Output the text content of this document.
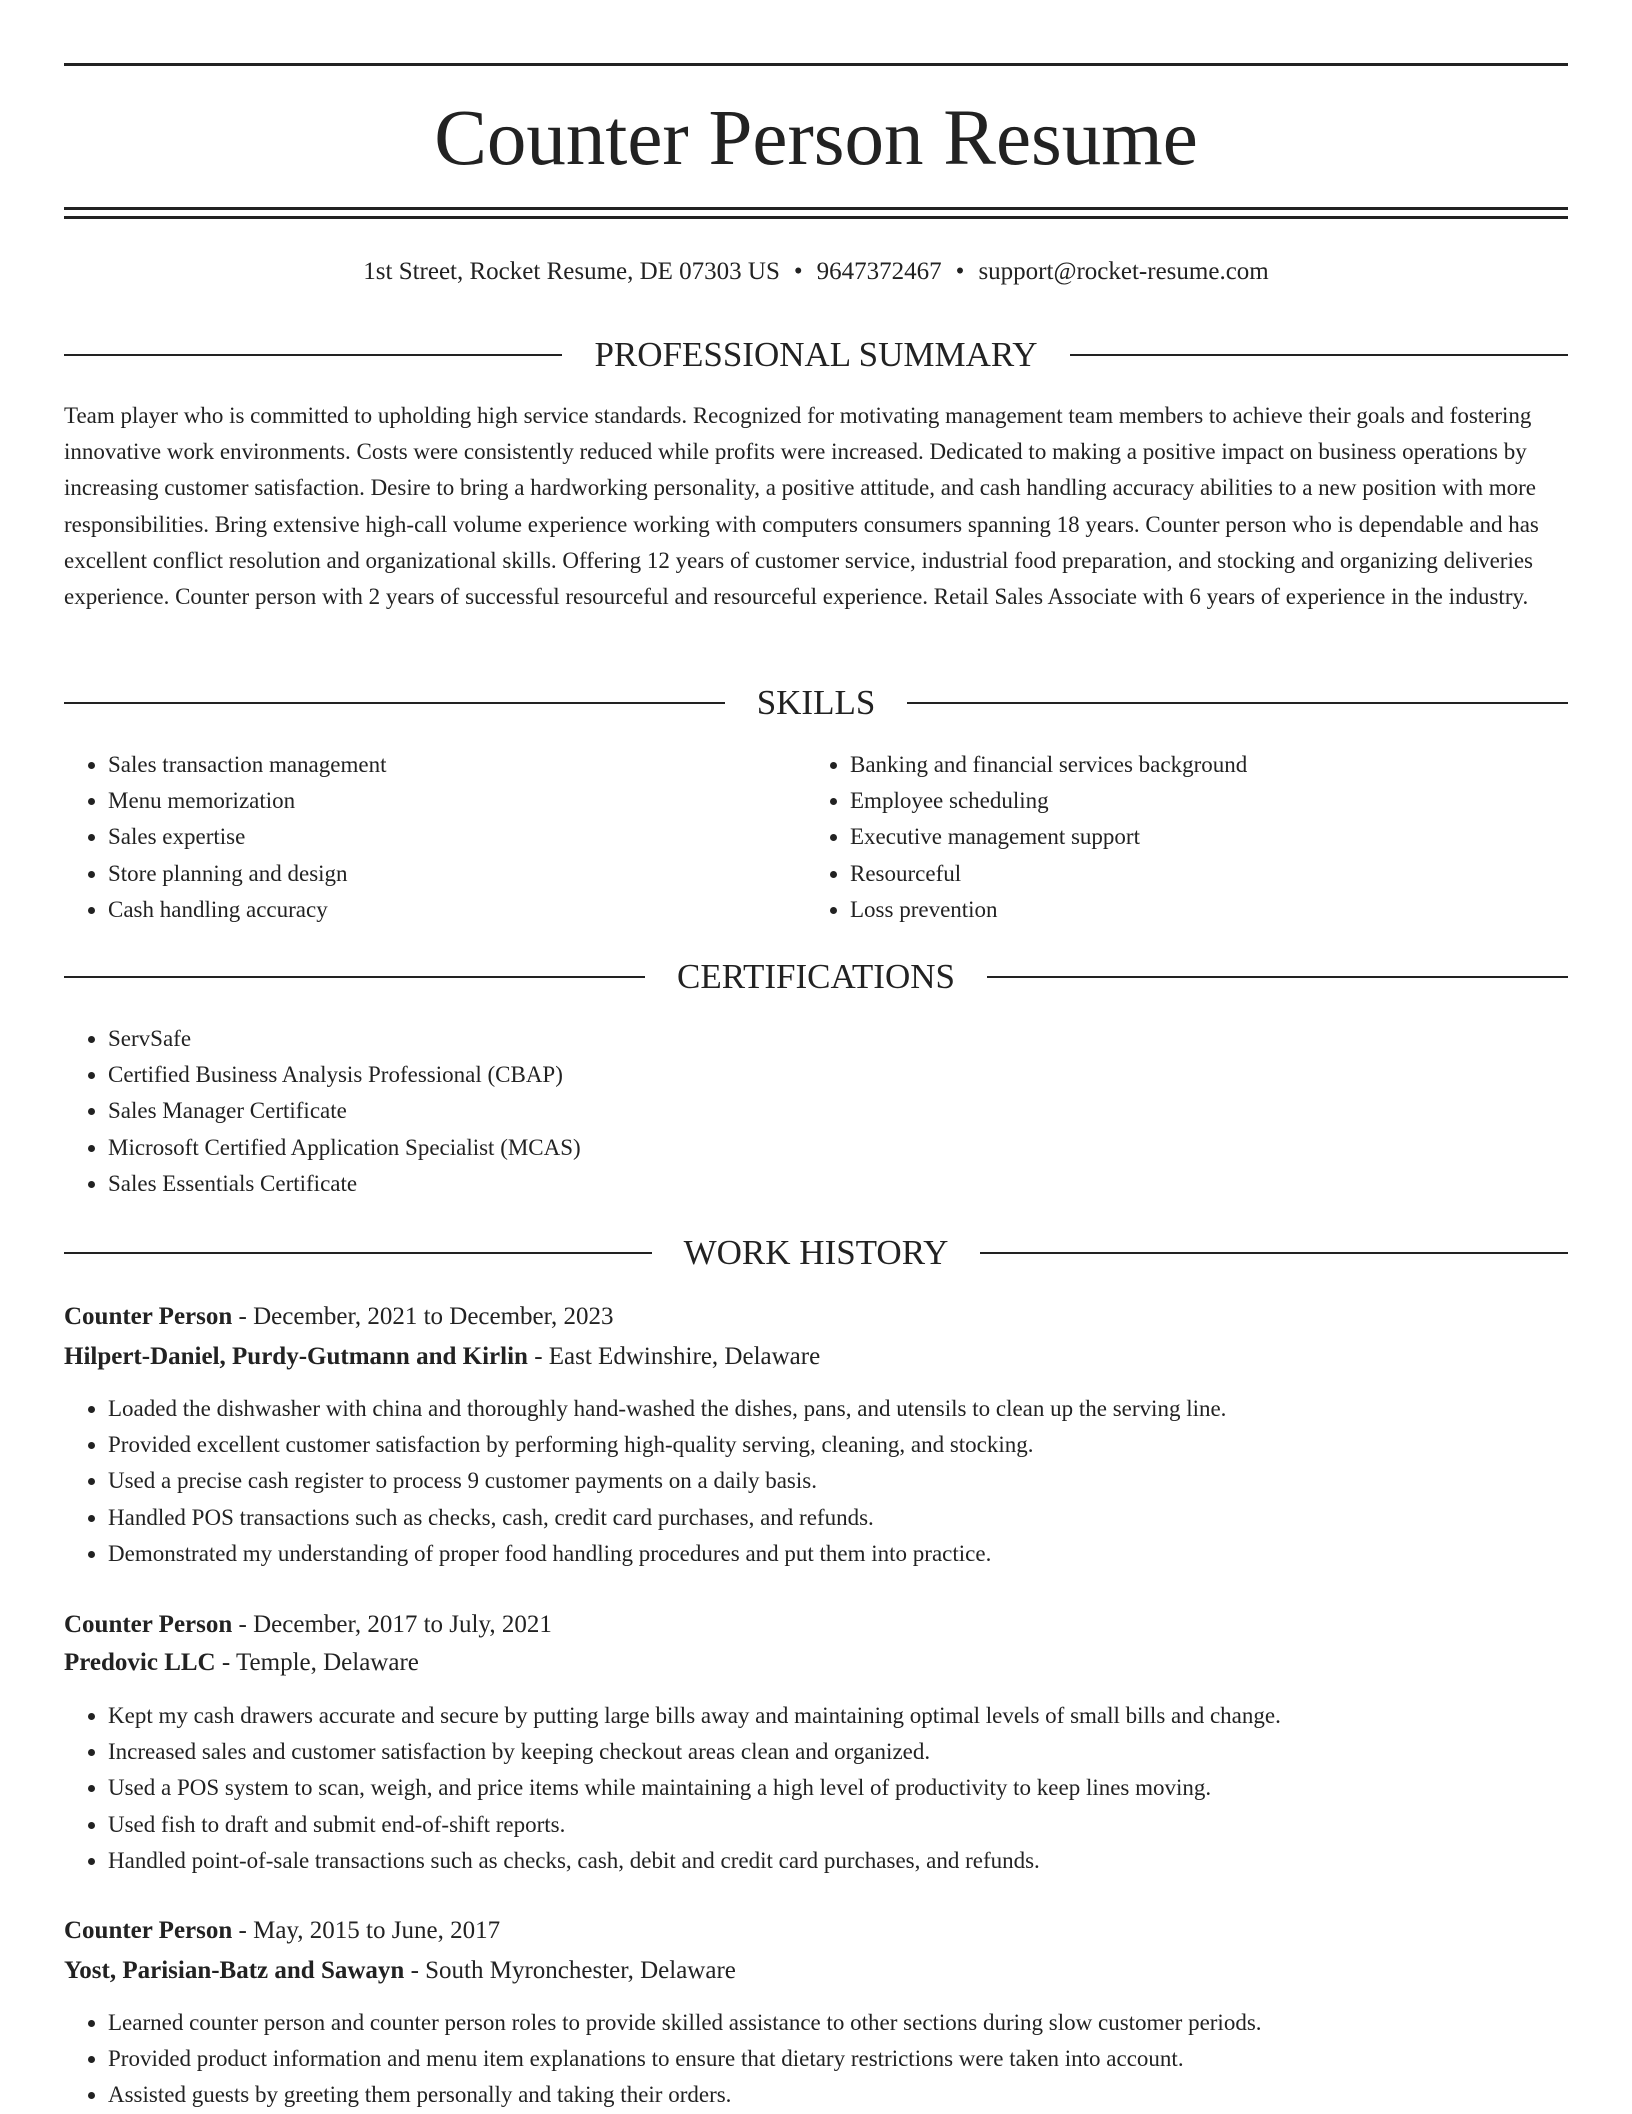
Counter Person Resume
1st Street, Rocket Resume, DE 07303 US • 9647372467 • support@rocket-resume.com
PROFESSIONAL SUMMARY

Team player who is committed to upholding high service standards. Recognized for motivating management team members to achieve their goals and fostering innovative work environments. Costs were consistently reduced while profits were increased. Dedicated to making a positive impact on business operations by increasing customer satisfaction. Desire to bring a hardworking personality, a positive attitude, and cash handling accuracy abilities to a new position with more responsibilities. Bring extensive high-call volume experience working with computers consumers spanning 18 years. Counter person who is dependable and has excellent conflict resolution and organizational skills. Offering 12 years of customer service, industrial food preparation, and stocking and organizing deliveries experience. Counter person with 2 years of successful resourceful and resourceful experience. Retail Sales Associate with 6 years of experience in the industry.

SKILLS
• Sales transaction management
• Menu memorization
• Sales expertise
• Store planning and design
• Cash handling accuracy
• Banking and financial services background
• Employee scheduling
• Executive management support
• Resourceful
• Loss prevention
CERTIFICATIONS
• ServSafe
• Certified Business Analysis Professional (CBAP)
• Sales Manager Certificate
• Microsoft Certified Application Specialist (MCAS)
• Sales Essentials Certificate
WORK HISTORY
Counter Person - December, 2021 to December, 2023
Hilpert-Daniel, Purdy-Gutmann and Kirlin - East Edwinshire, Delaware
• Loaded the dishwasher with china and thoroughly hand-washed the dishes, pans, and utensils to clean up the serving line.
• Provided excellent customer satisfaction by performing high-quality serving, cleaning, and stocking.
• Used a precise cash register to process 9 customer payments on a daily basis.
• Handled POS transactions such as checks, cash, credit card purchases, and refunds.
• Demonstrated my understanding of proper food handling procedures and put them into practice.
Counter Person - December, 2017 to July, 2021
Predovic LLC - Temple, Delaware
• Kept my cash drawers accurate and secure by putting large bills away and maintaining optimal levels of small bills and change.
• Increased sales and customer satisfaction by keeping checkout areas clean and organized.
• Used a POS system to scan, weigh, and price items while maintaining a high level of productivity to keep lines moving.
• Used fish to draft and submit end-of-shift reports.
• Handled point-of-sale transactions such as checks, cash, debit and credit card purchases, and refunds.
Counter Person - May, 2015 to June, 2017
Yost, Parisian-Batz and Sawayn - South Myronchester, Delaware
• Learned counter person and counter person roles to provide skilled assistance to other sections during slow customer periods.
• Provided product information and menu item explanations to ensure that dietary restrictions were taken into account.
• Assisted guests by greeting them personally and taking their orders.
